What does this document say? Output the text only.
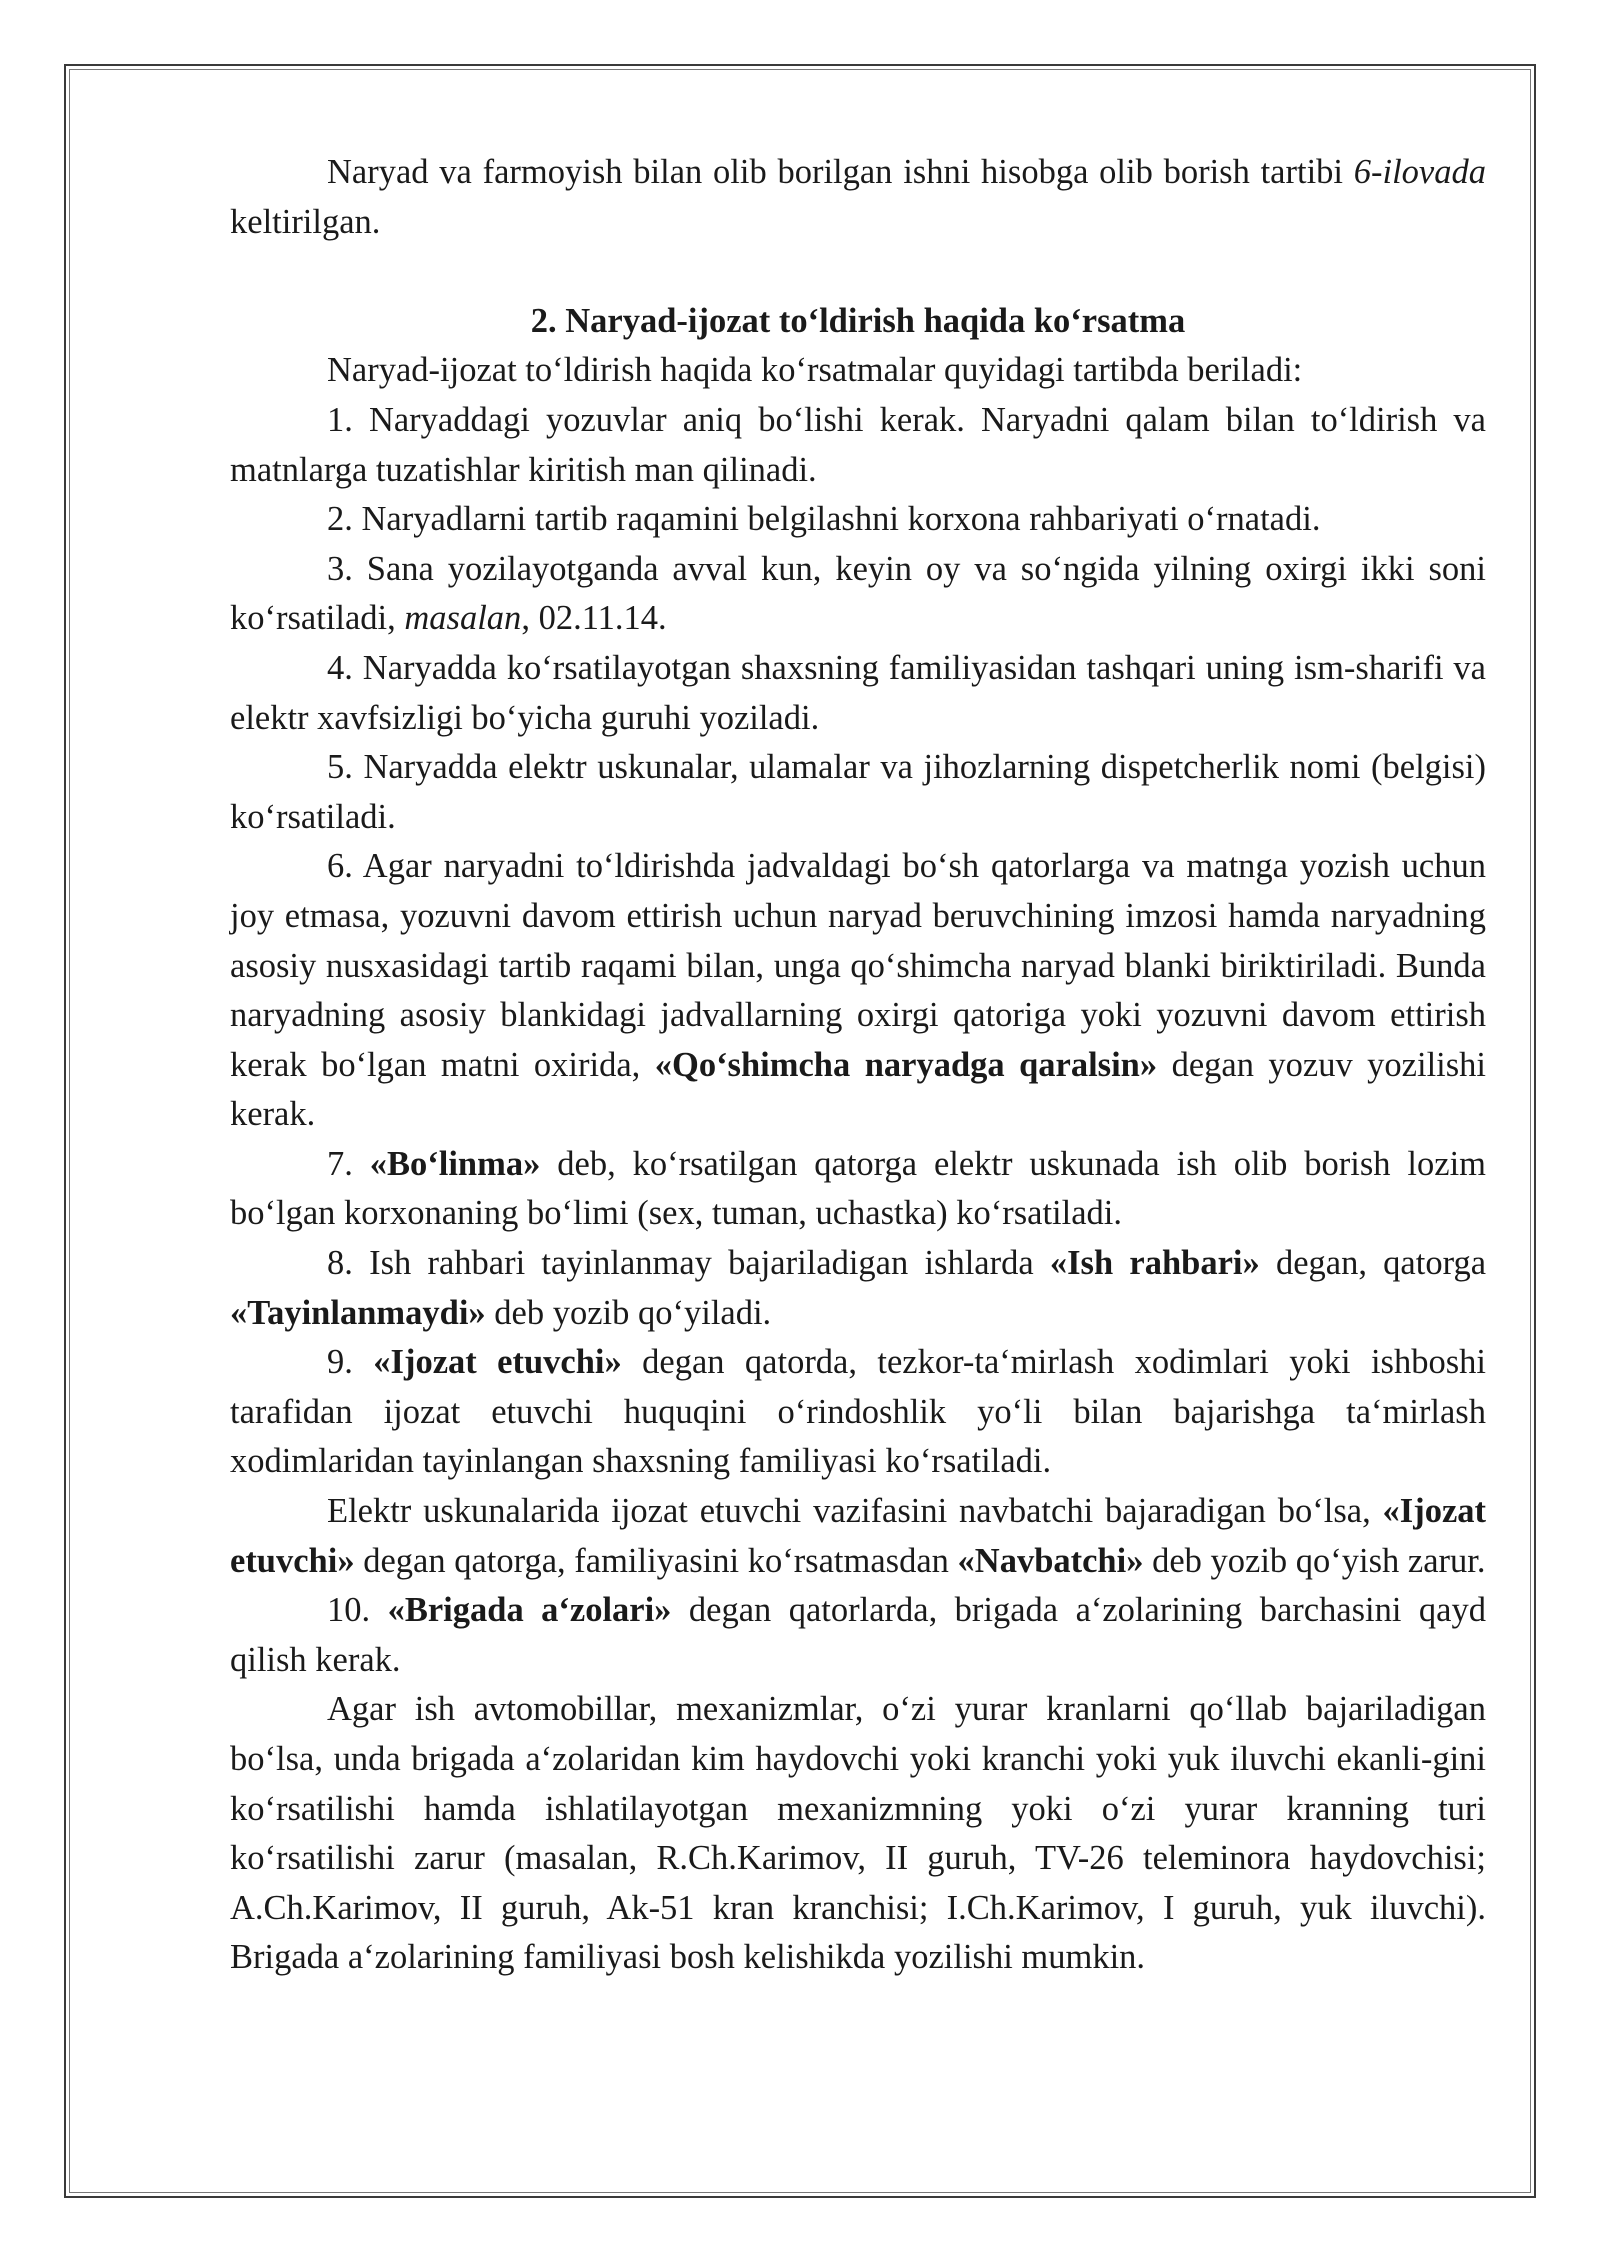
Naryad va farmoyish bilan olib borilgan ishni hisobga olib borish tartibi 6-ilovada keltirilgan.

2. Naryad-ijozat to‘ldirish haqida ko‘rsatma

Naryad-ijozat to‘ldirish haqida ko‘rsatmalar quyidagi tartibda beriladi:

1. Naryaddagi yozuvlar aniq bo‘lishi kerak. Naryadni qalam bilan to‘ldirish va matnlarga tuzatishlar kiritish man qilinadi.

2. Naryadlarni tartib raqamini belgilashni korxona rahbariyati o‘rnatadi.

3. Sana yozilayotganda avval kun, keyin oy va so‘ngida yilning oxirgi ikki soni ko‘rsatiladi, masalan, 02.11.14.

4. Naryadda ko‘rsatilayotgan shaxsning familiyasidan tashqari uning ism-sharifi va elektr xavfsizligi bo‘yicha guruhi yoziladi.

5. Naryadda elektr uskunalar, ulamalar va jihozlarning dispetcherlik nomi (belgisi) ko‘rsatiladi.

6. Agar naryadni to‘ldirishda jadvaldagi bo‘sh qatorlarga va matnga yozish uchun joy etmasa, yozuvni davom ettirish uchun naryad beruvchining imzosi hamda naryadning asosiy nusxasidagi tartib raqami bilan, unga qo‘shimcha naryad blanki biriktiriladi. Bunda naryadning asosiy blankidagi jadvallarning oxirgi qatoriga yoki yozuvni davom ettirish kerak bo‘lgan matni oxirida, «Qo‘shimcha naryadga qaralsin» degan yozuv yozilishi kerak.

7. «Bo‘linma» deb, ko‘rsatilgan qatorga elektr uskunada ish olib borish lozim bo‘lgan korxonaning bo‘limi (sex, tuman, uchastka) ko‘rsatiladi.

8. Ish rahbari tayinlanmay bajariladigan ishlarda «Ish rahbari» degan, qatorga «Tayinlanmaydi» deb yozib qo‘yiladi.

9. «Ijozat etuvchi» degan qatorda, tezkor-ta‘mirlash xodimlari yoki ishboshi tarafidan ijozat etuvchi huquqini o‘rindoshlik yo‘li bilan bajarishga ta‘mirlash xodimlaridan tayinlangan shaxsning familiyasi ko‘rsatiladi.

Elektr uskunalarida ijozat etuvchi vazifasini navbatchi bajaradigan bo‘lsa, «Ijozat etuvchi» degan qatorga, familiyasini ko‘rsatmasdan «Navbatchi» deb yozib qo‘yish zarur.

10. «Brigada a‘zolari» degan qatorlarda, brigada a‘zolarining barchasini qayd qilish kerak.

Agar ish avtomobillar, mexanizmlar, o‘zi yurar kranlarni qo‘llab bajariladigan bo‘lsa, unda brigada a‘zolaridan kim haydovchi yoki kranchi yoki yuk iluvchi ekanli-gini ko‘rsatilishi hamda ishlatilayotgan mexanizmning yoki o‘zi yurar kranning turi ko‘rsatilishi zarur (masalan, R.Ch.Karimov, II guruh, TV-26 teleminora haydovchisi; A.Ch.Karimov, II guruh, Ak-51 kran kranchisi; I.Ch.Karimov, I guruh, yuk iluvchi). Brigada a‘zolarining familiyasi bosh kelishikda yozilishi mumkin.
